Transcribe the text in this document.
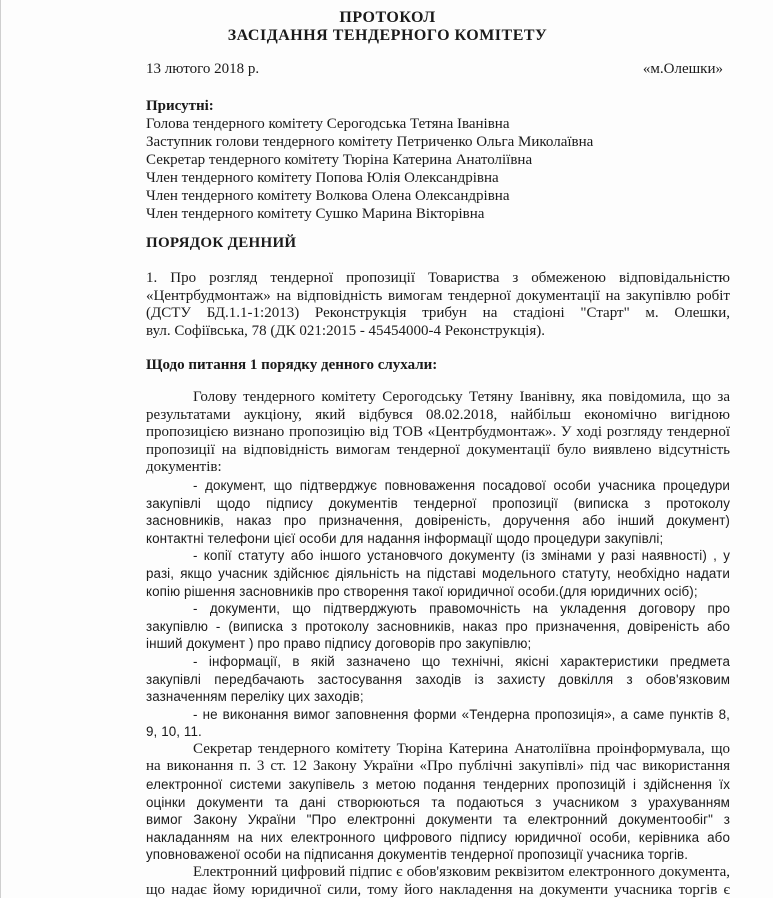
ПРОТОКОЛ
ЗАСІДАННЯ ТЕНДЕРНОГО КОМІТЕТУ
13 лютого 2018 р.	«м.Олешки»
Присутні:
Голова тендерного комітету Серогодська Тетяна Іванівна
Заступник голови тендерного комітету Петриченко Ольга Миколаївна
Секретар тендерного комітету Тюріна Катерина Анатоліївна
Член тендерного комітету Попова Юлія Олександрівна
Член тендерного комітету Волкова Олена Олександрівна
Член тендерного комітету Сушко Марина Вікторівна
ПОРЯДОК ДЕННИЙ
1. Про розгляд тендерної пропозиції Товариства з обмеженою відповідальністю
«Центрбудмонтаж» на відповідність вимогам тендерної документації на закупівлю робіт
(ДСТУ БД.1.1-1:2013) Реконструкція трибун на стадіоні "Старт" м. Олешки,
вул. Софіївська, 78 (ДК 021:2015 - 45454000-4 Реконструкція).
Щодо питання 1 порядку денного слухали:
Голову тендерного комітету Серогодську Тетяну Іванівну, яка повідомила, що за
результатами аукціону, який відбувся 08.02.2018, найбільш економічно вигідною
пропозицією визнано пропозицію від ТОВ «Центрбудмонтаж». У ході розгляду тендерної
пропозиції на відповідність вимогам тендерної документації було виявлено відсутність
документів:
- документ, що підтверджує повноваження посадової особи учасника процедури
закупівлі щодо підпису документів тендерної пропозиції (виписка з протоколу
засновників, наказ про призначення, довіреність, доручення або інший документ)
контактні телефони цієї особи для надання інформації щодо процедури закупівлі;
- копії статуту або іншого установчого документу (із змінами у разі наявності) , у
разі, якщо учасник здійснює діяльність на підставі модельного статуту, необхідно надати
копію рішення засновників про створення такої юридичної особи.(для юридичних осіб);
- документи, що підтверджують правомочність на укладення договору про
закупівлю - (виписка з протоколу засновників, наказ про призначення, довіреність або
інший документ ) про право підпису договорів про закупівлю;
- інформації, в якій зазначено що технічні, якісні характеристики предмета
закупівлі передбачають застосування заходів із захисту довкілля з обов'язковим
зазначенням переліку цих заходів;
- не виконання вимог заповнення форми «Тендерна пропозиція», а саме пунктів 8,
9, 10, 11.
Секретар тендерного комітету Тюріна Катерина Анатоліївна проінформувала, що
на виконання п. 3 ст. 12 Закону України «Про публічні закупівлі» під час використання
електронної системи закупівель з метою подання тендерних пропозицій і здійснення їх
оцінки документи та дані створюються та подаються з учасником з урахуванням
вимог Закону України "Про електронні документи та електронний документообіг" з
накладанням на них електронного цифрового підпису юридичної особи, керівника або
уповноваженої особи на підписання документів тендерної пропозиції учасника торгів.
Електронний цифровий підпис є обов'язковим реквізитом електронного документа,
що надає йому юридичної сили, тому його накладення на документи учасника торгів є
